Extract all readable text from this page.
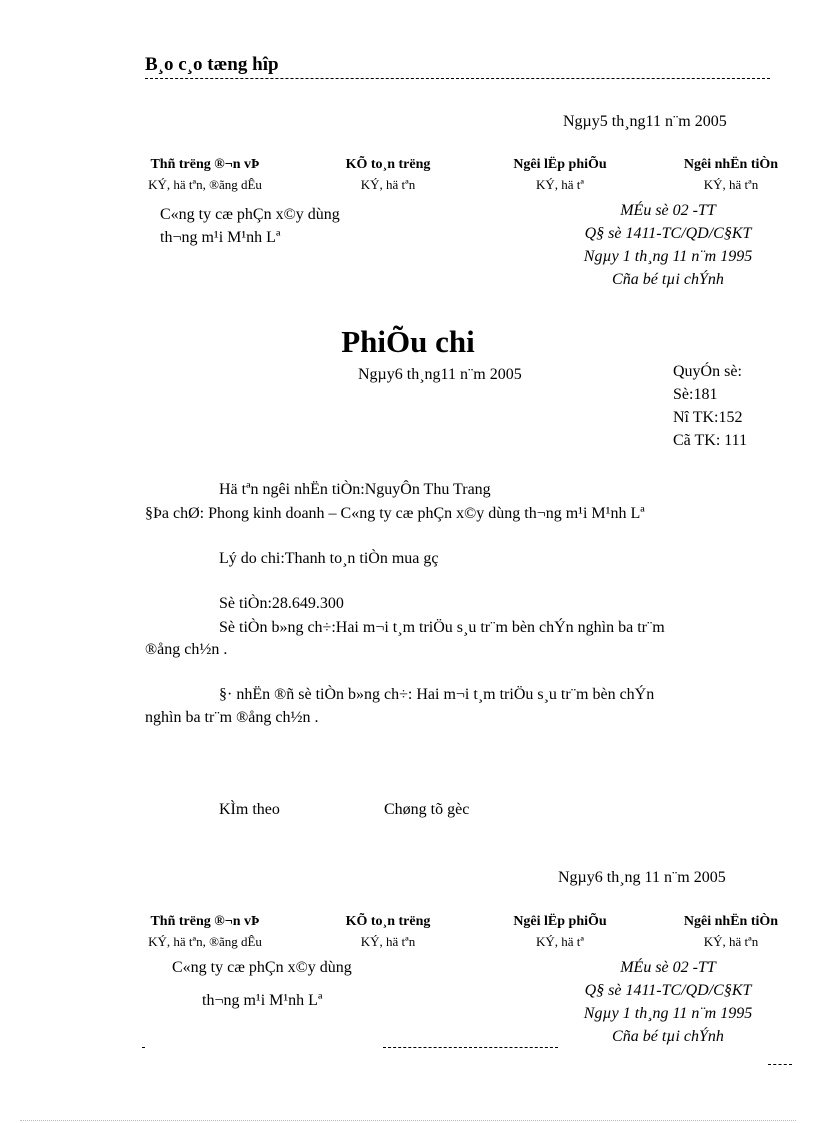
B¸o c¸o tæng hîp
Ngµy5 th¸ng11 n¨m 2005
Thñ trëng ®¬n vÞ
KÝ, hä tªn, ®ãng dÊu
KÕ to¸n trëng
KÝ, hä tªn
Ngêi lËp phiÕu
KÝ, hä tª
Ngêi nhËn tiÒn
KÝ, hä tªn
C«ng ty cæ phÇn x©y dùng
th¬ng m¹i M¹nh Lª
MÉu sè 02 -TT
Q§ sè 1411-TC/QD/C§KT
Ngµy 1 th¸ng 11 n¨m 1995
Cña bé tµi chÝnh
PhiÕu chi
Ngµy6 th¸ng11 n¨m 2005	QuyÓn sè:
Sè:181
Nî TK:152
Cã TK: 111
Hä tªn ngêi nhËn tiÒn:NguyÔn Thu Trang
§Þa chØ: Phong kinh doanh – C«ng ty cæ phÇn x©y dùng th¬ng m¹i M¹nh Lª
Lý do chi:Thanh to¸n tiÒn mua gç
Sè tiÒn:28.649.300
Sè tiÒn b»ng ch÷:Hai m¬i t¸m triÖu s¸u tr¨m bèn chÝn nghìn ba tr¨m
®ång ch½n .
§· nhËn ®ñ sè tiÒn b»ng ch÷: Hai m¬i t¸m triÖu s¸u tr¨m bèn chÝn
nghìn ba tr¨m ®ång ch½n .
KÌm theo	Chøng tõ gèc
Ngµy6 th¸ng 11 n¨m 2005
Thñ trëng ®¬n vÞ
KÝ, hä tªn, ®ãng dÊu
KÕ to¸n trëng
KÝ, hä tªn
Ngêi lËp phiÕu
KÝ, hä tª
Ngêi nhËn tiÒn
KÝ, hä tªn
C«ng ty cæ phÇn x©y dùng
th¬ng m¹i M¹nh Lª
MÉu sè 02 -TT
Q§ sè 1411-TC/QD/C§KT
Ngµy 1 th¸ng 11 n¨m 1995
Cña bé tµi chÝnh
